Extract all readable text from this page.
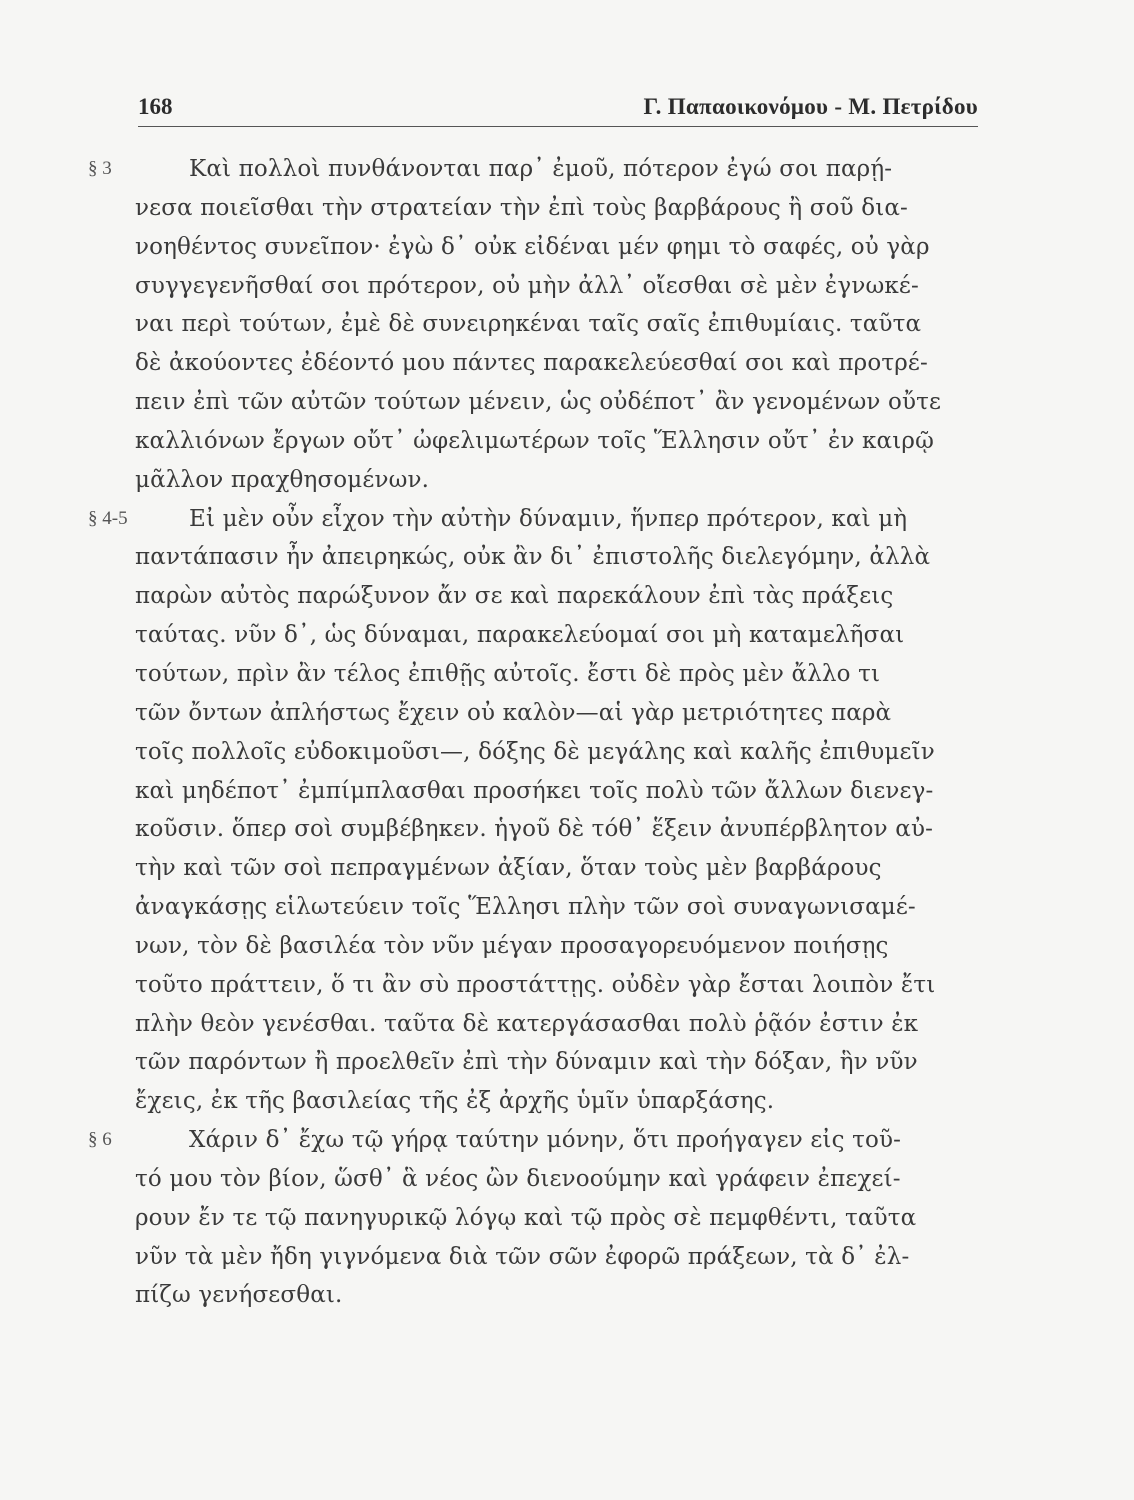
168	Γ. Παπαοικονόμου - Μ. Πετρίδου
§ 3	Καὶ πολλοὶ πυνθάνονται παρ᾽ ἐμοῦ, πότερον ἐγώ σοι παρῄ-
νεσα ποιεῖσθαι τὴν στρατείαν τὴν ἐπὶ τοὺς βαρβάρους ἢ σοῦ δια-
νοηθέντος συνεῖπον· ἐγὼ δ᾽ οὐκ εἰδέναι μέν φημι τὸ σαφές, οὐ γὰρ
συγγεγενῆσθαί σοι πρότερον, οὐ μὴν ἀλλ᾽ οἴεσθαι σὲ μὲν ἐγνωκέ-
ναι περὶ τούτων, ἐμὲ δὲ συνειρηκέναι ταῖς σαῖς ἐπιθυμίαις. ταῦτα
δὲ ἀκούοντες ἐδέοντό μου πάντες παρακελεύεσθαί σοι καὶ προτρέ-
πειν ἐπὶ τῶν αὐτῶν τούτων μένειν, ὡς οὐδέποτ᾽ ἂν γενομένων οὔτε
καλλιόνων ἔργων οὔτ᾽ ὠφελιμωτέρων τοῖς Ἕλλησιν οὔτ᾽ ἐν καιρῷ
μᾶλλον πραχθησομένων.
§ 4-5	Εἰ μὲν οὖν εἶχον τὴν αὐτὴν δύναμιν, ἥνπερ πρότερον, καὶ μὴ
παντάπασιν ἦν ἀπειρηκώς, οὐκ ἂν δι᾽ ἐπιστολῆς διελεγόμην, ἀλλὰ
παρὼν αὐτὸς παρώξυνον ἄν σε καὶ παρεκάλουν ἐπὶ τὰς πράξεις
ταύτας. νῦν δ᾽, ὡς δύναμαι, παρακελεύομαί σοι μὴ καταμελῆσαι
τούτων, πρὶν ἂν τέλος ἐπιθῇς αὐτοῖς. ἔστι δὲ πρὸς μὲν ἄλλο τι
τῶν ὄντων ἀπλήστως ἔχειν οὐ καλὸν—αἱ γὰρ μετριότητες παρὰ
τοῖς πολλοῖς εὐδοκιμοῦσι—, δόξης δὲ μεγάλης καὶ καλῆς ἐπιθυμεῖν
καὶ μηδέποτ᾽ ἐμπίμπλασθαι προσήκει τοῖς πολὺ τῶν ἄλλων διενεγ-
κοῦσιν. ὅπερ σοὶ συμβέβηκεν. ἡγοῦ δὲ τόθ᾽ ἕξειν ἀνυπέρβλητον αὐ-
τὴν καὶ τῶν σοὶ πεπραγμένων ἀξίαν, ὅταν τοὺς μὲν βαρβάρους
ἀναγκάσῃς εἱλωτεύειν τοῖς Ἕλλησι πλὴν τῶν σοὶ συναγωνισαμέ-
νων, τὸν δὲ βασιλέα τὸν νῦν μέγαν προσαγορευόμενον ποιήσῃς
τοῦτο πράττειν, ὅ τι ἂν σὺ προστάττῃς. οὐδὲν γὰρ ἔσται λοιπὸν ἔτι
πλὴν θεὸν γενέσθαι. ταῦτα δὲ κατεργάσασθαι πολὺ ῥᾷόν ἐστιν ἐκ
τῶν παρόντων ἢ προελθεῖν ἐπὶ τὴν δύναμιν καὶ τὴν δόξαν, ἣν νῦν
ἔχεις, ἐκ τῆς βασιλείας τῆς ἐξ ἀρχῆς ὑμῖν ὑπαρξάσης.
§ 6	Χάριν δ᾽ ἔχω τῷ γήρᾳ ταύτην μόνην, ὅτι προήγαγεν εἰς τοῦ-
τό μου τὸν βίον, ὥσθ᾽ ἃ νέος ὢν διενοούμην καὶ γράφειν ἐπεχεί-
ρουν ἔν τε τῷ πανηγυρικῷ λόγῳ καὶ τῷ πρὸς σὲ πεμφθέντι, ταῦτα
νῦν τὰ μὲν ἤδη γιγνόμενα διὰ τῶν σῶν ἐφορῶ πράξεων, τὰ δ᾽ ἐλ-
πίζω γενήσεσθαι.
